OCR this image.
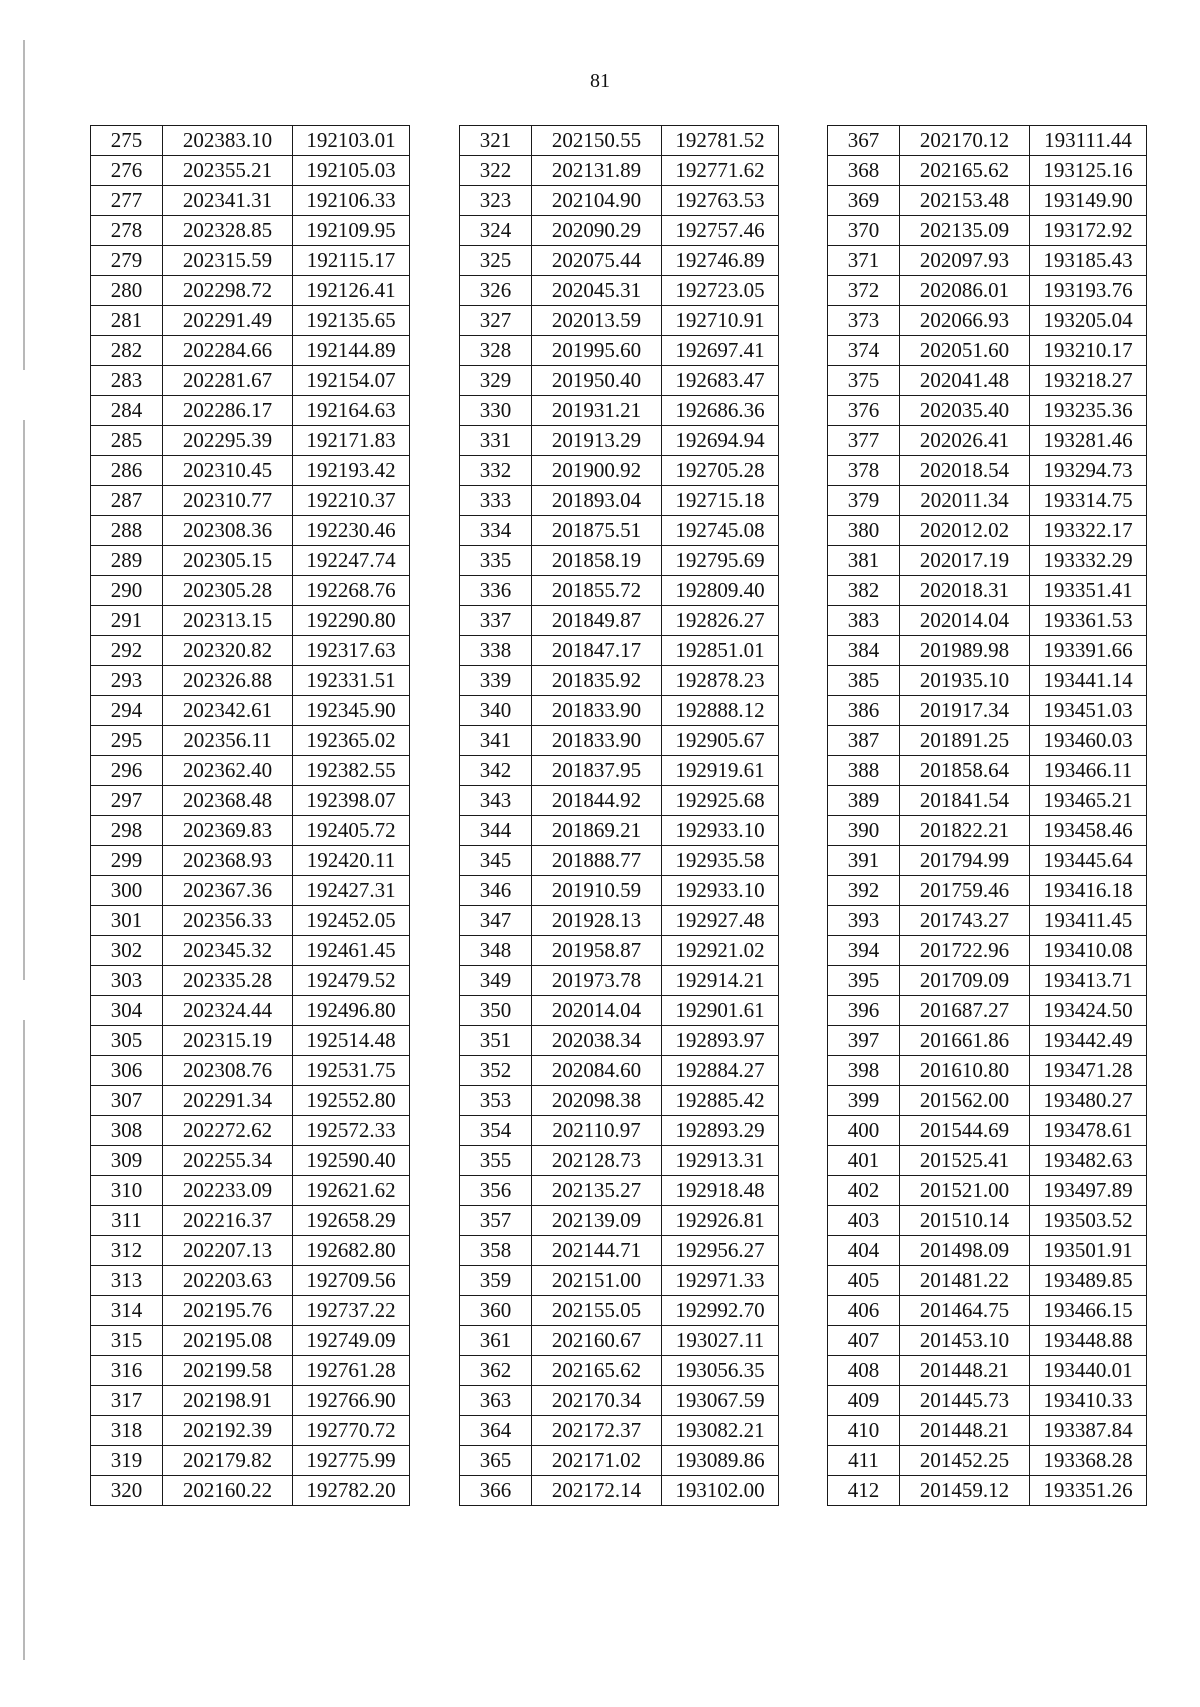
81
275	202383.10	192103.01
276	202355.21	192105.03
277	202341.31	192106.33
278	202328.85	192109.95
279	202315.59	192115.17
280	202298.72	192126.41
281	202291.49	192135.65
282	202284.66	192144.89
283	202281.67	192154.07
284	202286.17	192164.63
285	202295.39	192171.83
286	202310.45	192193.42
287	202310.77	192210.37
288	202308.36	192230.46
289	202305.15	192247.74
290	202305.28	192268.76
291	202313.15	192290.80
292	202320.82	192317.63
293	202326.88	192331.51
294	202342.61	192345.90
295	202356.11	192365.02
296	202362.40	192382.55
297	202368.48	192398.07
298	202369.83	192405.72
299	202368.93	192420.11
300	202367.36	192427.31
301	202356.33	192452.05
302	202345.32	192461.45
303	202335.28	192479.52
304	202324.44	192496.80
305	202315.19	192514.48
306	202308.76	192531.75
307	202291.34	192552.80
308	202272.62	192572.33
309	202255.34	192590.40
310	202233.09	192621.62
311	202216.37	192658.29
312	202207.13	192682.80
313	202203.63	192709.56
314	202195.76	192737.22
315	202195.08	192749.09
316	202199.58	192761.28
317	202198.91	192766.90
318	202192.39	192770.72
319	202179.82	192775.99
320	202160.22	192782.20
321	202150.55	192781.52
322	202131.89	192771.62
323	202104.90	192763.53
324	202090.29	192757.46
325	202075.44	192746.89
326	202045.31	192723.05
327	202013.59	192710.91
328	201995.60	192697.41
329	201950.40	192683.47
330	201931.21	192686.36
331	201913.29	192694.94
332	201900.92	192705.28
333	201893.04	192715.18
334	201875.51	192745.08
335	201858.19	192795.69
336	201855.72	192809.40
337	201849.87	192826.27
338	201847.17	192851.01
339	201835.92	192878.23
340	201833.90	192888.12
341	201833.90	192905.67
342	201837.95	192919.61
343	201844.92	192925.68
344	201869.21	192933.10
345	201888.77	192935.58
346	201910.59	192933.10
347	201928.13	192927.48
348	201958.87	192921.02
349	201973.78	192914.21
350	202014.04	192901.61
351	202038.34	192893.97
352	202084.60	192884.27
353	202098.38	192885.42
354	202110.97	192893.29
355	202128.73	192913.31
356	202135.27	192918.48
357	202139.09	192926.81
358	202144.71	192956.27
359	202151.00	192971.33
360	202155.05	192992.70
361	202160.67	193027.11
362	202165.62	193056.35
363	202170.34	193067.59
364	202172.37	193082.21
365	202171.02	193089.86
366	202172.14	193102.00
367	202170.12	193111.44
368	202165.62	193125.16
369	202153.48	193149.90
370	202135.09	193172.92
371	202097.93	193185.43
372	202086.01	193193.76
373	202066.93	193205.04
374	202051.60	193210.17
375	202041.48	193218.27
376	202035.40	193235.36
377	202026.41	193281.46
378	202018.54	193294.73
379	202011.34	193314.75
380	202012.02	193322.17
381	202017.19	193332.29
382	202018.31	193351.41
383	202014.04	193361.53
384	201989.98	193391.66
385	201935.10	193441.14
386	201917.34	193451.03
387	201891.25	193460.03
388	201858.64	193466.11
389	201841.54	193465.21
390	201822.21	193458.46
391	201794.99	193445.64
392	201759.46	193416.18
393	201743.27	193411.45
394	201722.96	193410.08
395	201709.09	193413.71
396	201687.27	193424.50
397	201661.86	193442.49
398	201610.80	193471.28
399	201562.00	193480.27
400	201544.69	193478.61
401	201525.41	193482.63
402	201521.00	193497.89
403	201510.14	193503.52
404	201498.09	193501.91
405	201481.22	193489.85
406	201464.75	193466.15
407	201453.10	193448.88
408	201448.21	193440.01
409	201445.73	193410.33
410	201448.21	193387.84
411	201452.25	193368.28
412	201459.12	193351.26
